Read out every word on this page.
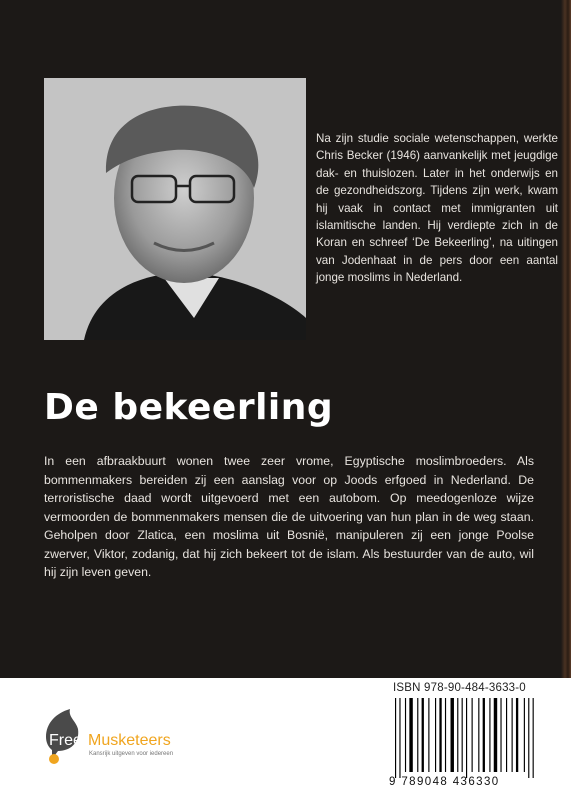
Na zijn studie sociale wetenschappen, werkte Chris Becker (1946) aanvankelijk met jeugdige dak- en thuislozen. Later in het onderwijs en de gezondheidszorg. Tijdens zijn werk, kwam hij vaak in contact met immigranten uit islamitische landen. Hij verdiepte zich in de Koran en schreef ‘De Bekeerling’, na uitingen van Jodenhaat in de pers door een aantal jonge moslims in Nederland.

De bekeerling

In een afbraakbuurt wonen twee zeer vrome, Egyptische moslimbroeders. Als bommenmakers bereiden zij een aanslag voor op Joods erfgoed in Nederland. De terroristische daad wordt uitgevoerd met een autobom. Op meedogenloze wijze vermoorden de bommenmakers mensen die de uitvoering van hun plan in de weg staan. Geholpen door Zlatica, een moslima uit Bosnië, manipuleren zij een jonge Poolse zwerver, Viktor, zodanig, dat hij zich bekeert tot de islam. Als bestuurder van de auto, wil hij zijn leven geven.

Free Musketeers
Kansrijk uitgeven voor iedereen
ISBN 978-90-484-3633-0
9 789048 436330
